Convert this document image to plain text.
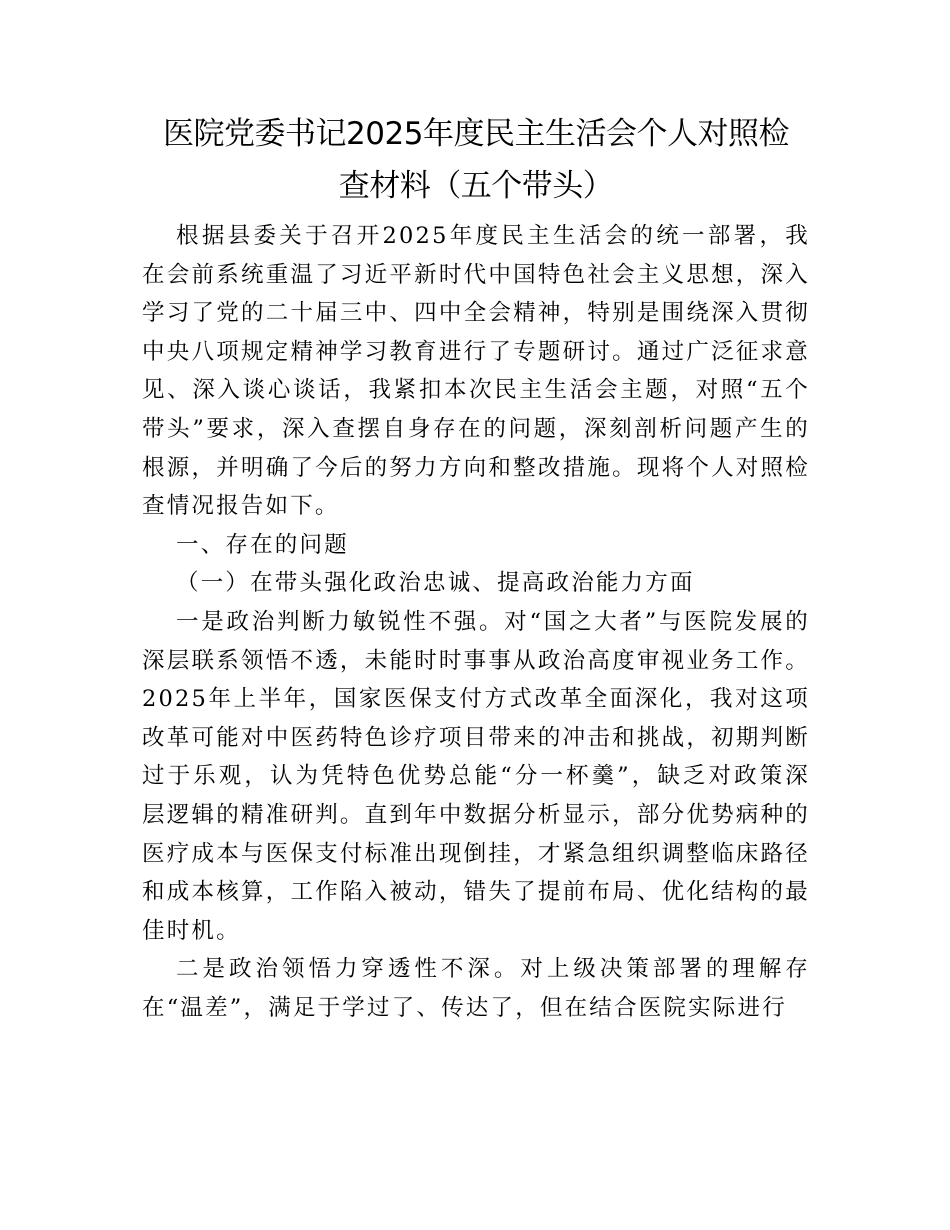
医院党委书记2025年度民主生活会个人对照检
查材料（五个带头）

根据县委关于召开2025年度民主生活会的统一部署，我在会前系统重温了习近平新时代中国特色社会主义思想，深入学习了党的二十届三中、四中全会精神，特别是围绕深入贯彻中央八项规定精神学习教育进行了专题研讨。通过广泛征求意见、深入谈心谈话，我紧扣本次民主生活会主题，对照“五个带头”要求，深入查摆自身存在的问题，深刻剖析问题产生的根源，并明确了今后的努力方向和整改措施。现将个人对照检查情况报告如下。

一、存在的问题

（一）在带头强化政治忠诚、提高政治能力方面

一是政治判断力敏锐性不强。对“国之大者”与医院发展的深层联系领悟不透，未能时时事事从政治高度审视业务工作。2025年上半年，国家医保支付方式改革全面深化，我对这项改革可能对中医药特色诊疗项目带来的冲击和挑战，初期判断过于乐观，认为凭特色优势总能“分一杯羹”，缺乏对政策深层逻辑的精准研判。直到年中数据分析显示，部分优势病种的医疗成本与医保支付标准出现倒挂，才紧急组织调整临床路径和成本核算，工作陷入被动，错失了提前布局、优化结构的最佳时机。

二是政治领悟力穿透性不深。对上级决策部署的理解存在“温差”，满足于学过了、传达了，但在结合医院实际进行
